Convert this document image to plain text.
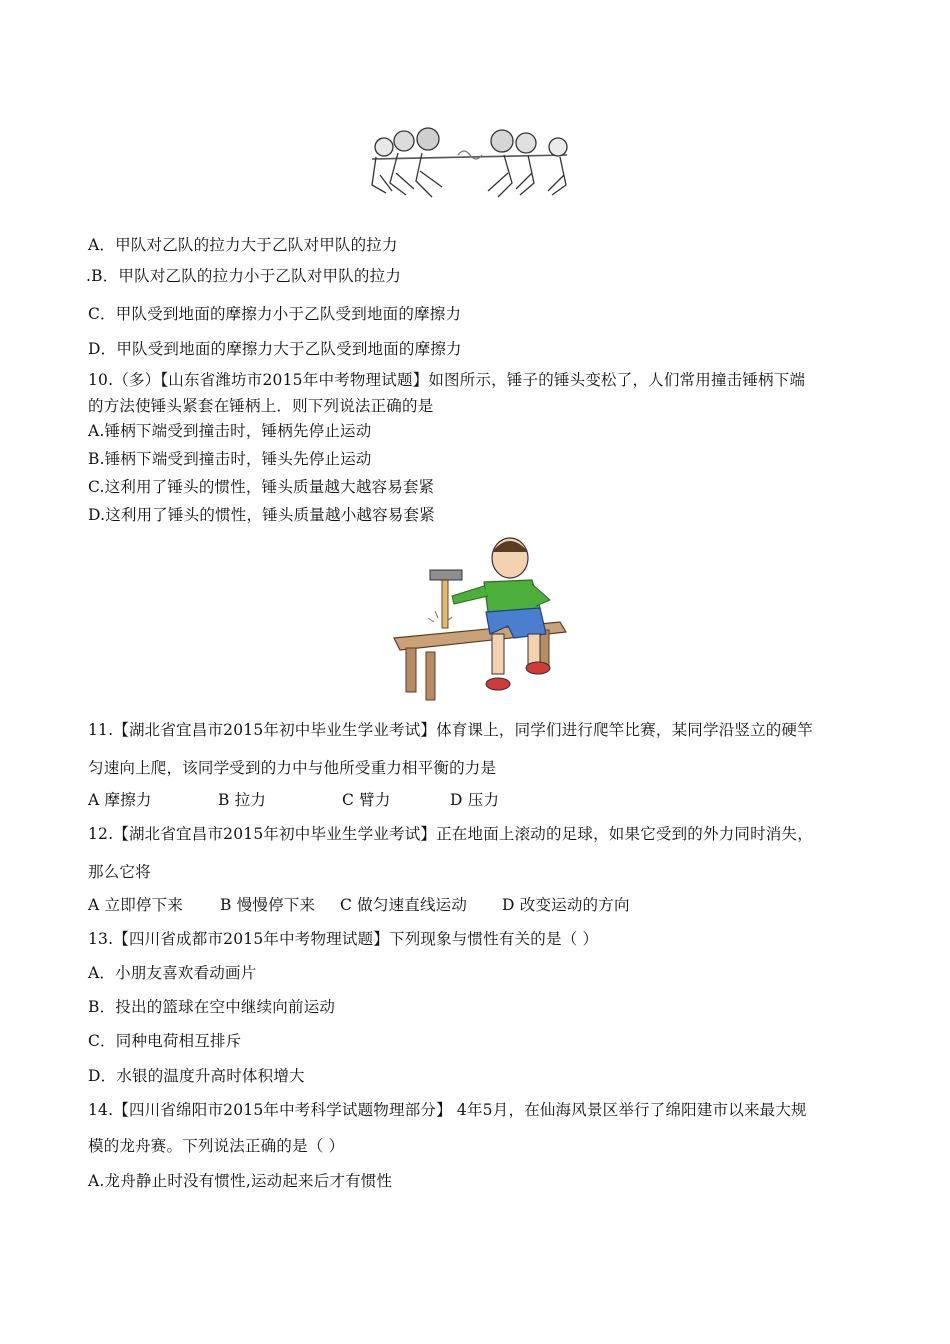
A．甲队对乙队的拉力大于乙队对甲队的拉力

.B．甲队对乙队的拉力小于乙队对甲队的拉力

C．甲队受到地面的摩擦力小于乙队受到地面的摩擦力

D．甲队受到地面的摩擦力大于乙队受到地面的摩擦力

10.（多）【山东省潍坊市2015年中考物理试题】如图所示，锤子的锤头变松了，人们常用撞击锤柄下端

的方法使锤头紧套在锤柄上．则下列说法正确的是

A.锤柄下端受到撞击时，锤柄先停止运动

B.锤柄下端受到撞击时，锤头先停止运动

C.这利用了锤头的惯性，锤头质量越大越容易套紧

D.这利用了锤头的惯性，锤头质量越小越容易套紧

11.【湖北省宜昌市2015年初中毕业生学业考试】体育课上，同学们进行爬竿比赛，某同学沿竖立的硬竿

匀速向上爬，该同学受到的力中与他所受重力相平衡的力是

A 摩擦力	B 拉力	C 臂力	D 压力

12.【湖北省宜昌市2015年初中毕业生学业考试】正在地面上滚动的足球，如果它受到的外力同时消失，

那么它将

A 立即停下来 B 慢慢停下来 C 做匀速直线运动 D 改变运动的方向

13.【四川省成都市2015年中考物理试题】下列现象与惯性有关的是（ ）

A．小朋友喜欢看动画片

B．投出的篮球在空中继续向前运动

C．同种电荷相互排斥

D．水银的温度升高时体积增大

14.【四川省绵阳市2015年中考科学试题物理部分】 4年5月，在仙海风景区举行了绵阳建市以来最大规

模的龙舟赛。下列说法正确的是（ ）

A.龙舟静止时没有惯性,运动起来后才有惯性
